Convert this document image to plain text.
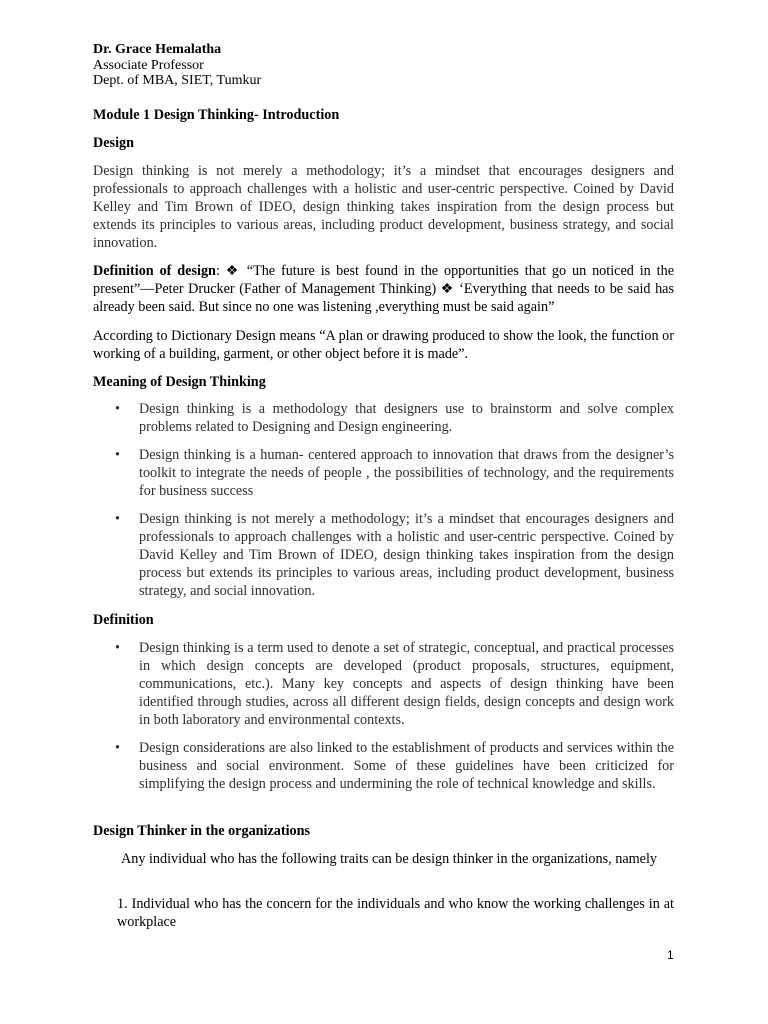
Dr. Grace Hemalatha
Associate Professor
Dept. of MBA, SIET, Tumkur
Module 1 Design Thinking- Introduction
Design

Design thinking is not merely a methodology; it’s a mindset that encourages designers and professionals to approach challenges with a holistic and user-centric perspective. Coined by David Kelley and Tim Brown of IDEO, design thinking takes inspiration from the design process but extends its principles to various areas, including product development, business strategy, and social innovation.

Definition of design: ❖ “The future is best found in the opportunities that go un noticed in the present”—Peter Drucker (Father of Management Thinking) ❖ ‘Everything that needs to be said has already been said. But since no one was listening ,everything must be said again”

According to Dictionary Design means “A plan or drawing produced to show the look, the function or working of a building, garment, or other object before it is made”.

Meaning of Design Thinking
• Design thinking is a methodology that designers use to brainstorm and solve complex problems related to Designing and Design engineering.
• Design thinking is a human- centered approach to innovation that draws from the designer’s toolkit to integrate the needs of people , the possibilities of technology, and the requirements for business success
• Design thinking is not merely a methodology; it’s a mindset that encourages designers and professionals to approach challenges with a holistic and user-centric perspective. Coined by David Kelley and Tim Brown of IDEO, design thinking takes inspiration from the design process but extends its principles to various areas, including product development, business strategy, and social innovation.
Definition
• Design thinking is a term used to denote a set of strategic, conceptual, and practical processes in which design concepts are developed (product proposals, structures, equipment, communications, etc.). Many key concepts and aspects of design thinking have been identified through studies, across all different design fields, design concepts and design work in both laboratory and environmental contexts.
• Design considerations are also linked to the establishment of products and services within the business and social environment. Some of these guidelines have been criticized for simplifying the design process and undermining the role of technical knowledge and skills.
Design Thinker in the organizations

Any individual who has the following traits can be design thinker in the organizations, namely

1. Individual who has the concern for the individuals and who know the working challenges in at workplace

1
